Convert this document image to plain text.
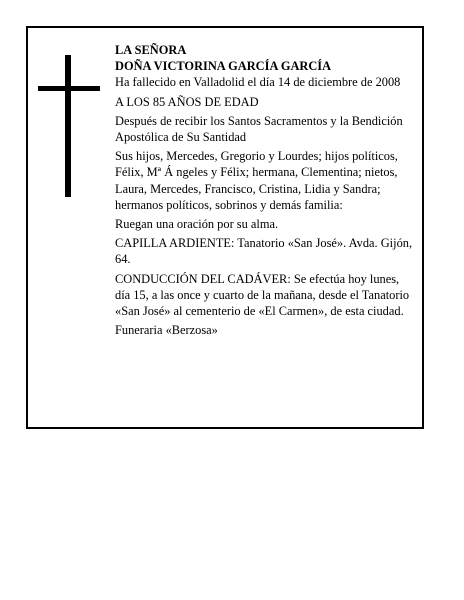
LA SEÑORA

DOÑA VICTORINA GARCÍA GARCÍA

Ha fallecido en Valladolid el día 14 de diciembre de 2008

A LOS 85 AÑOS DE EDAD

Después de recibir los Santos Sacramentos y la Bendición Apostólica de Su Santidad

Sus hijos, Mercedes, Gregorio y Lourdes; hijos políticos, Félix, Mª Á ngeles y Félix; hermana, Clementina; nietos, Laura, Mercedes, Francisco, Cristina, Lidia y Sandra; hermanos políticos, sobrinos y demás familia:

Ruegan una oración por su alma.

CAPILLA ARDIENTE: Tanatorio «San José». Avda. Gijón, 64.

CONDUCCIÓN DEL CADÁVER: Se efectúa hoy lunes, día 15, a las once y cuarto de la mañana, desde el Tanatorio «San José» al cementerio de «El Carmen», de esta ciudad.

Funeraria «Berzosa»
